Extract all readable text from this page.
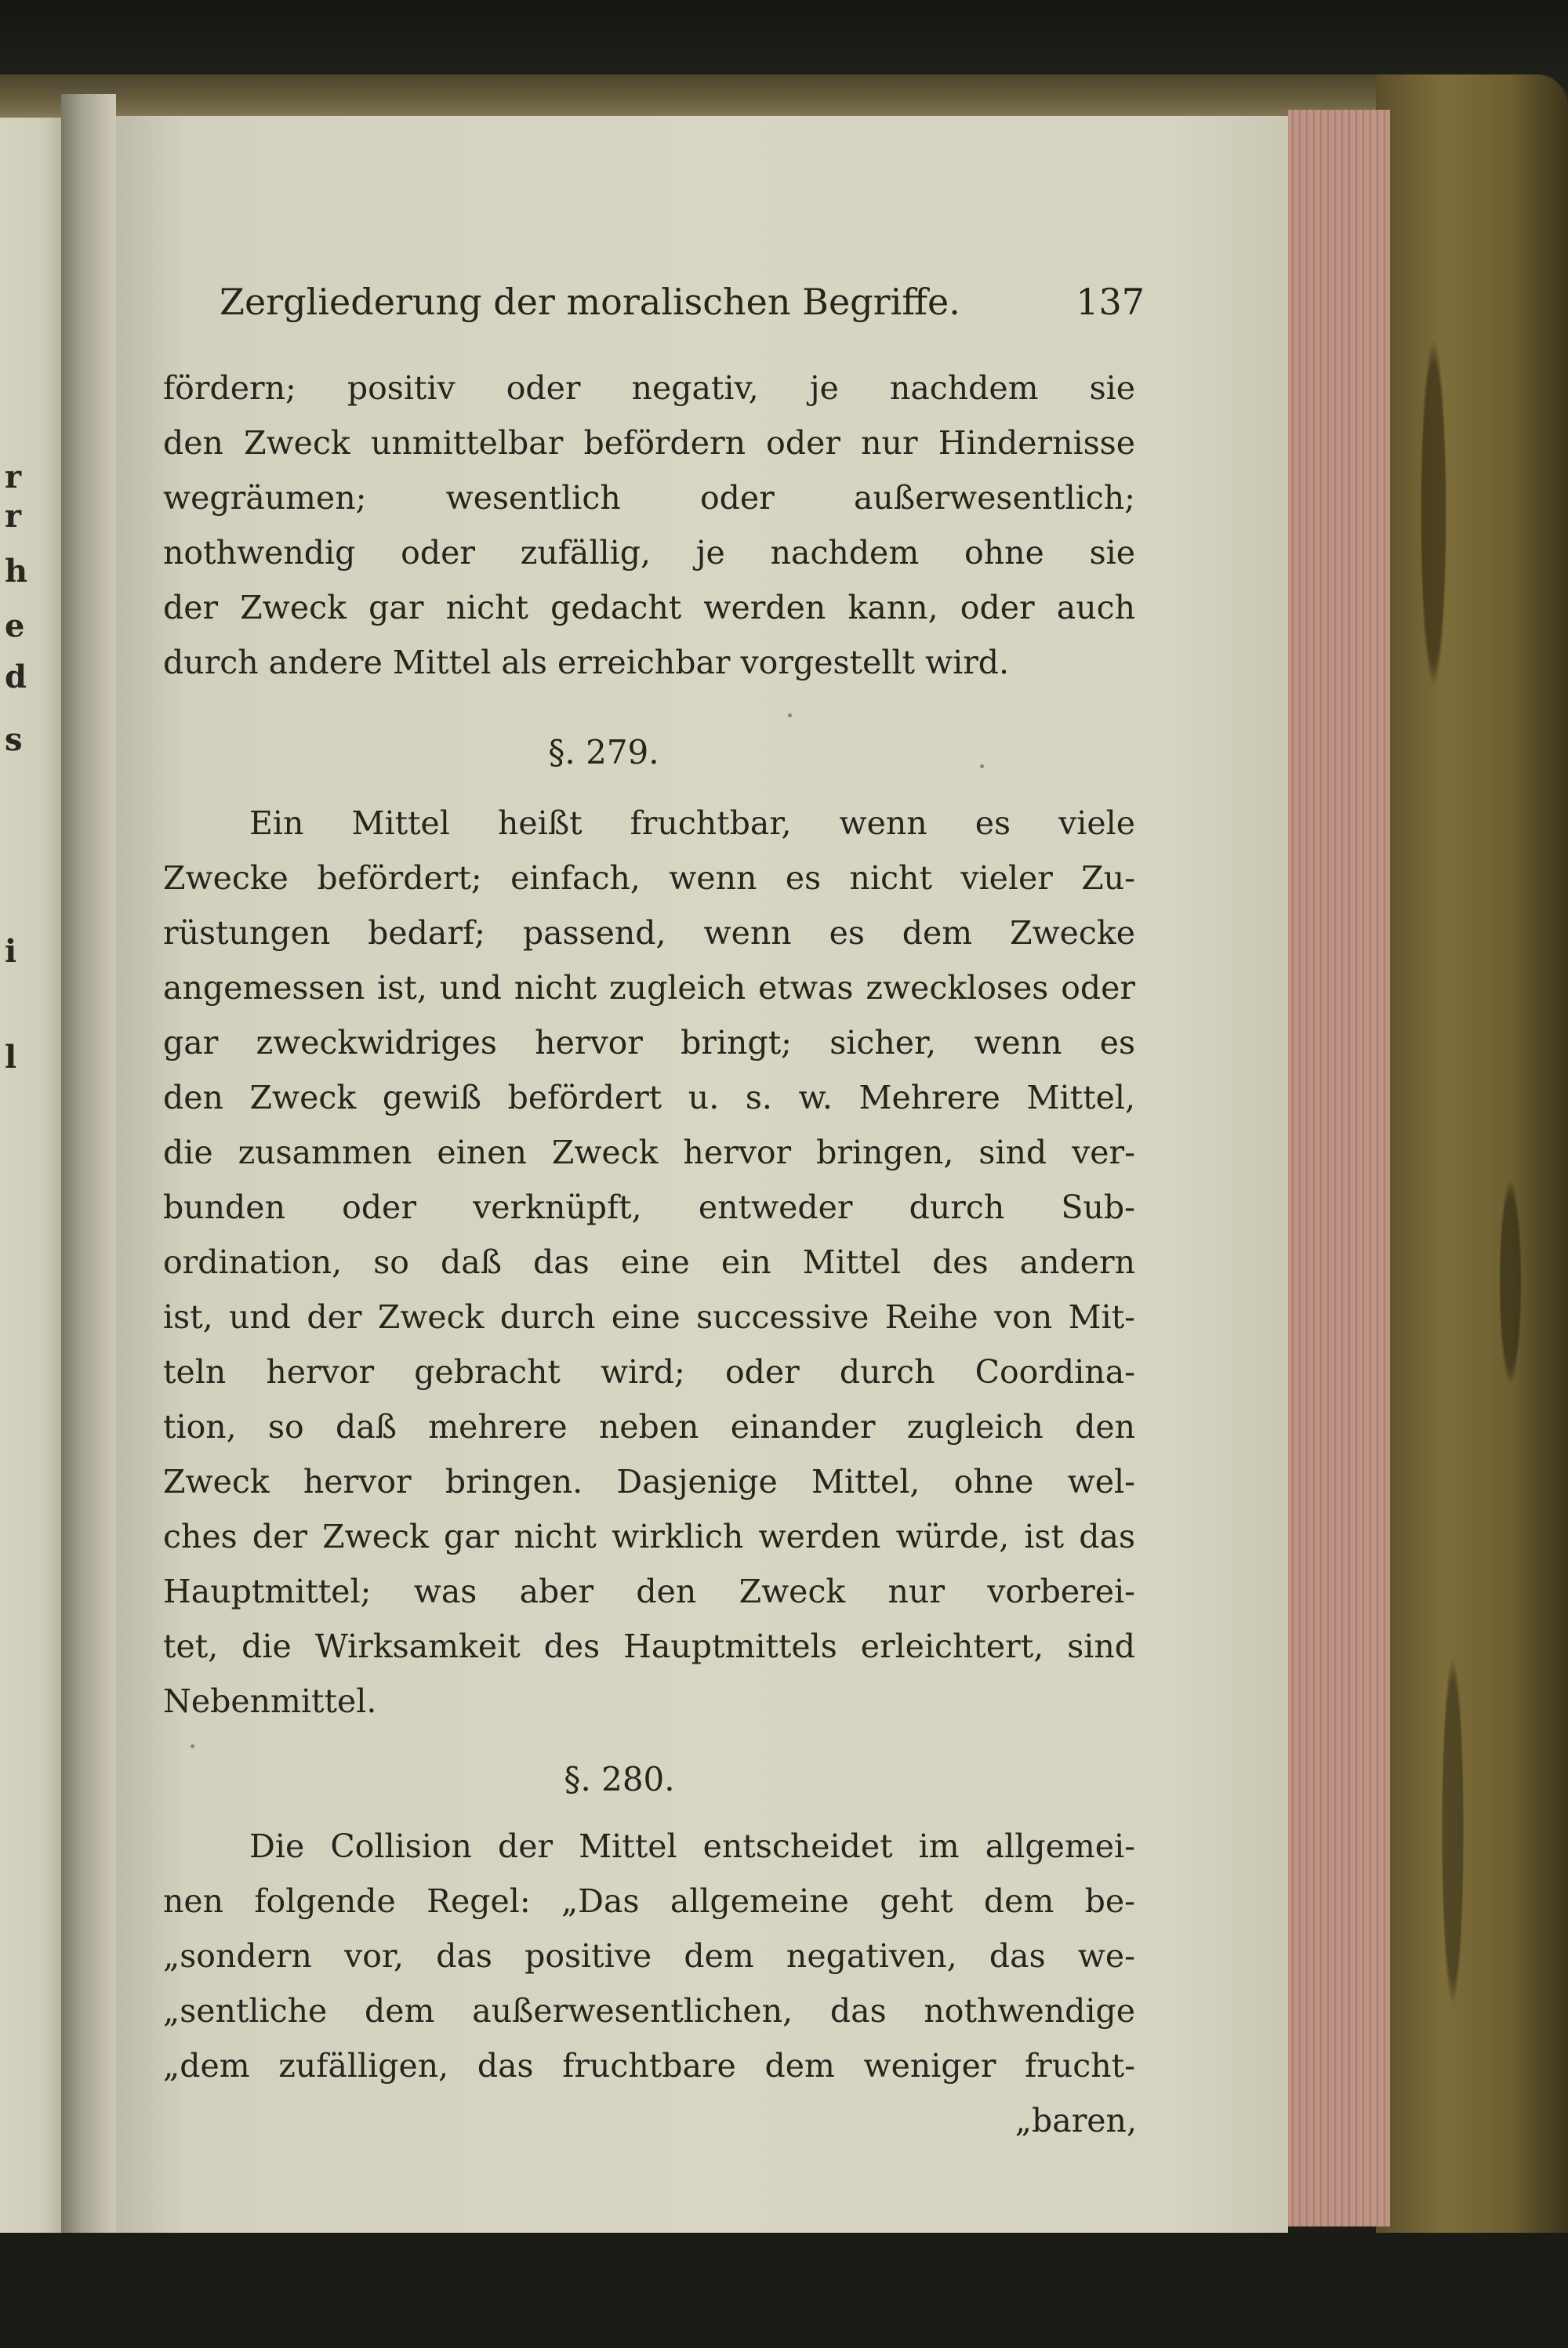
r
r
h
e
d
s
i
l
Zergliederung der moralischen Begriffe.	137
fördern; positiv oder negativ, je nachdem sie
den Zweck unmittelbar befördern oder nur Hindernisse
wegräumen; wesentlich oder außerwesentlich;
nothwendig oder zufällig, je nachdem ohne sie
der Zweck gar nicht gedacht werden kann, oder auch
durch andere Mittel als erreichbar vorgestellt wird.
§. 279.
Ein Mittel heißt fruchtbar, wenn es viele
Zwecke befördert; einfach, wenn es nicht vieler Zu-
rüstungen bedarf; passend, wenn es dem Zwecke
angemessen ist, und nicht zugleich etwas zweckloses oder
gar zweckwidriges hervor bringt; sicher, wenn es
den Zweck gewiß befördert u. s. w. Mehrere Mittel,
die zusammen einen Zweck hervor bringen, sind ver-
bunden oder verknüpft, entweder durch Sub-
ordination, so daß das eine ein Mittel des andern
ist, und der Zweck durch eine successive Reihe von Mit-
teln hervor gebracht wird; oder durch Coordina-
tion, so daß mehrere neben einander zugleich den
Zweck hervor bringen. Dasjenige Mittel, ohne wel-
ches der Zweck gar nicht wirklich werden würde, ist das
Hauptmittel; was aber den Zweck nur vorberei-
tet, die Wirksamkeit des Hauptmittels erleichtert, sind
Nebenmittel.
§. 280.
Die Collision der Mittel entscheidet im allgemei-
nen folgende Regel: „Das allgemeine geht dem be-
„sondern vor, das positive dem negativen, das we-
„sentliche dem außerwesentlichen, das nothwendige
„dem zufälligen, das fruchtbare dem weniger frucht-
„baren,
